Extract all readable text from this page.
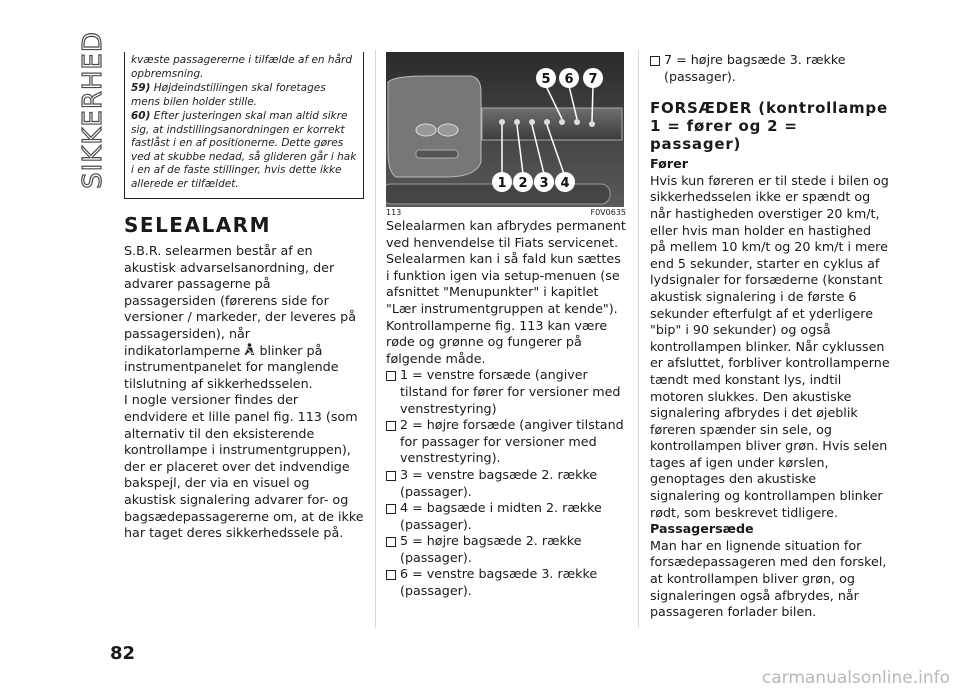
SIKKERHED kvæste passagererne i tilfælde af en hård opbremsning.

59) Højdeindstillingen skal foretages mens bilen holder stille.

60) Efter justeringen skal man altid sikre sig, at indstillingsanordningen er korrekt fastlåst i en af positionerne. Dette gøres ved at skubbe nedad, så glideren går i hak i en af de faste stillinger, hvis dette ikke allerede er tilfældet.

SELEALARM

S.B.R. selearmen består af en akustisk advarselsanordning, der advarer passagerne på passagersiden (førerens side for versioner / markeder, der leveres på passagersiden), når indikatorlamperne blinker på instrumentpanelet for manglende tilslutning af sikkerhedsselen.

I nogle versioner findes der endvidere et lille panel fig. 113 (som alternativ til den eksisterende kontrollampe i instrumentgruppen), der er placeret over det indvendige bakspejl, der via en visuel og akustisk signalering advarer for- og bagsædepassagererne om, at de ikke har taget deres sikkerhedssele på.

1 2 3 4
5 6 7
113	F0V0635

Selealarmen kan afbrydes permanent ved henvendelse til Fiats servicenet.

Selealarmen kan i så fald kun sættes i funktion igen via setup-menuen (se afsnittet "Menupunkter" i kapitlet "Lær instrumentgruppen at kende").

Kontrollamperne fig. 113 kan være røde og grønne og fungerer på følgende måde.

1 = venstre forsæde (angiver tilstand for fører for versioner med venstrestyring)
2 = højre forsæde (angiver tilstand for passager for versioner med venstrestyring).
3 = venstre bagsæde 2. række (passager).
4 = bagsæde i midten 2. række (passager).
5 = højre bagsæde 2. række (passager).
6 = venstre bagsæde 3. række (passager).
7 = højre bagsæde 3. række (passager).
FORSÆDER (kontrollampe 1 = fører og 2 = passager)
Fører

Hvis kun føreren er til stede i bilen og sikkerhedsselen ikke er spændt og når hastigheden overstiger 20 km/t, eller hvis man holder en hastighed på mellem 10 km/t og 20 km/t i mere end 5 sekunder, starter en cyklus af lydsignaler for forsæderne (konstant akustisk signalering i de første 6 sekunder efterfulgt af et yderligere "bip" i 90 sekunder) og også kontrollampen blinker. Når cyklussen er afsluttet, forbliver kontrollamperne tændt med konstant lys, indtil motoren slukkes. Den akustiske signalering afbrydes i det øjeblik føreren spænder sin sele, og kontrollampen bliver grøn. Hvis selen tages af igen under kørslen, genoptages den akustiske signalering og kontrollampen blinker rødt, som beskrevet tidligere.

Passagersæde

Man har en lignende situation for forsædepassageren med den forskel, at kontrollampen bliver grøn, og signaleringen også afbrydes, når passageren forlader bilen.

82
carmanualsonline.info
